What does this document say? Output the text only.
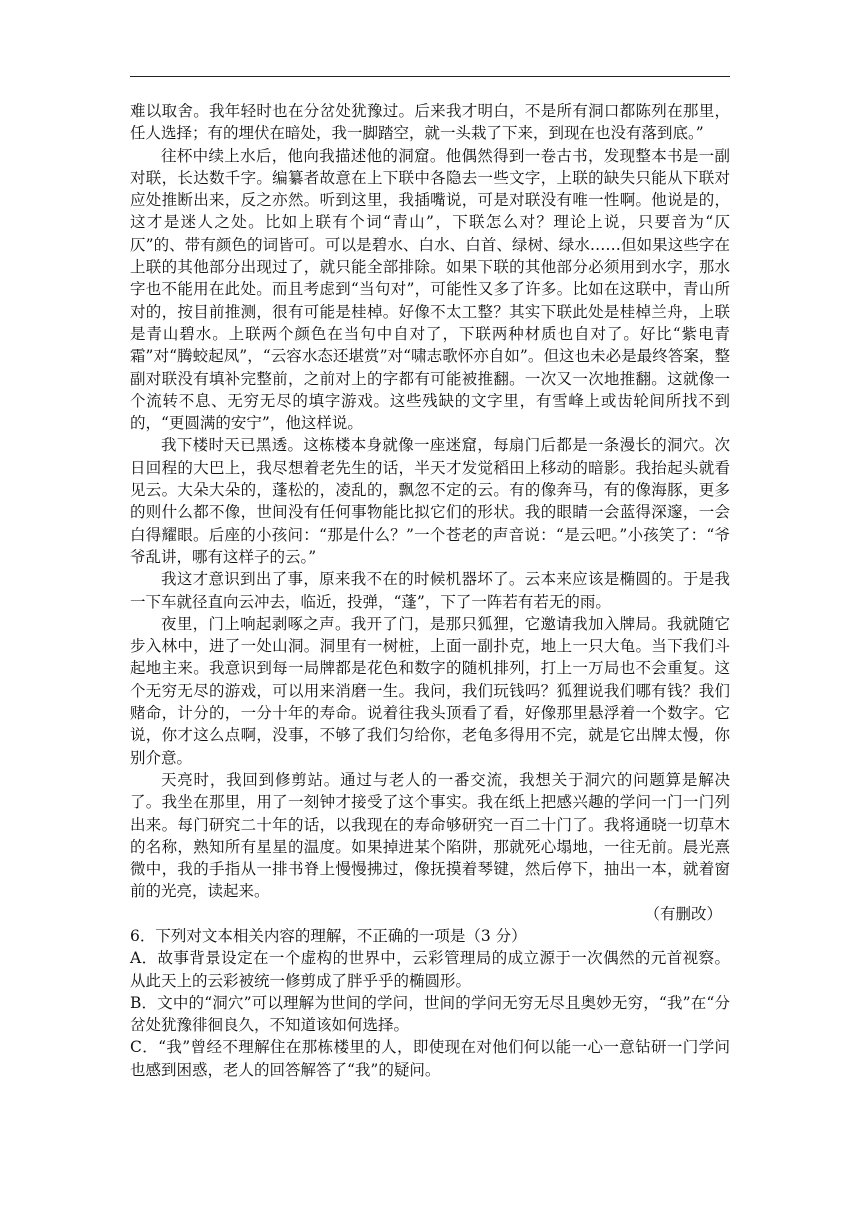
难以取舍。我年轻时也在分岔处犹豫过。后来我才明白，不是所有洞口都陈列在那里，任人选择；有的埋伏在暗处，我一脚踏空，就一头栽了下来，到现在也没有落到底。”

往杯中续上水后，他向我描述他的洞窟。他偶然得到一卷古书，发现整本书是一副对联，长达数千字。编纂者故意在上下联中各隐去一些文字，上联的缺失只能从下联对应处推断出来，反之亦然。听到这里，我插嘴说，可是对联没有唯一性啊。他说是的，这才是迷人之处。比如上联有个词“青山”，下联怎么对？理论上说，只要音为“仄仄”的、带有颜色的词皆可。可以是碧水、白水、白首、绿树、绿水……但如果这些字在上联的其他部分出现过了，就只能全部排除。如果下联的其他部分必须用到水字，那水字也不能用在此处。而且考虑到“当句对”，可能性又多了许多。比如在这联中，青山所对的，按目前推测，很有可能是桂棹。好像不太工整？其实下联此处是桂棹兰舟，上联是青山碧水。上联两个颜色在当句中自对了，下联两种材质也自对了。好比“紫电青霜”对“腾蛟起凤”，“云容水态还堪赏”对“啸志歌怀亦自如”。但这也未必是最终答案，整副对联没有填补完整前，之前对上的字都有可能被推翻。一次又一次地推翻。这就像一个流转不息、无穷无尽的填字游戏。这些残缺的文字里，有雪峰上或齿轮间所找不到的，“更圆满的安宁”，他这样说。

我下楼时天已黑透。这栋楼本身就像一座迷窟，每扇门后都是一条漫长的洞穴。次日回程的大巴上，我尽想着老先生的话，半天才发觉稻田上移动的暗影。我抬起头就看见云。大朵大朵的，蓬松的，凌乱的，飘忽不定的云。有的像奔马，有的像海豚，更多的则什么都不像，世间没有任何事物能比拟它们的形状。我的眼睛一会蓝得深邃，一会白得耀眼。后座的小孩问：“那是什么？”一个苍老的声音说：“是云吧。”小孩笑了：“爷爷乱讲，哪有这样子的云。”

我这才意识到出了事，原来我不在的时候机器坏了。云本来应该是椭圆的。于是我一下车就径直向云冲去，临近，投弹，“蓬”，下了一阵若有若无的雨。

夜里，门上响起剥啄之声。我开了门，是那只狐狸，它邀请我加入牌局。我就随它步入林中，进了一处山洞。洞里有一树桩，上面一副扑克，地上一只大龟。当下我们斗起地主来。我意识到每一局牌都是花色和数字的随机排列，打上一万局也不会重复。这个无穷无尽的游戏，可以用来消磨一生。我问，我们玩钱吗？狐狸说我们哪有钱？我们赌命，计分的，一分十年的寿命。说着往我头顶看了看，好像那里悬浮着一个数字。它说，你才这么点啊，没事，不够了我们匀给你，老龟多得用不完，就是它出牌太慢，你别介意。

天亮时，我回到修剪站。通过与老人的一番交流，我想关于洞穴的问题算是解决了。我坐在那里，用了一刻钟才接受了这个事实。我在纸上把感兴趣的学问一门一门列出来。每门研究二十年的话，以我现在的寿命够研究一百二十门了。我将通晓一切草木的名称，熟知所有星星的温度。如果掉进某个陷阱，那就死心塌地，一往无前。晨光熹微中，我的手指从一排书脊上慢慢拂过，像抚摸着琴键，然后停下，抽出一本，就着窗前的光亮，读起来。

（有删改）

6．下列对文本相关内容的理解，不正确的一项是（3 分）

A．故事背景设定在一个虚构的世界中，云彩管理局的成立源于一次偶然的元首视察。从此天上的云彩被统一修剪成了胖乎乎的椭圆形。

B．文中的“洞穴”可以理解为世间的学问，世间的学问无穷无尽且奥妙无穷，“我”在“分岔处犹豫徘徊良久，不知道该如何选择。

C．“我”曾经不理解住在那栋楼里的人，即使现在对他们何以能一心一意钻研一门学问也感到困惑，老人的回答解答了“我”的疑问。
